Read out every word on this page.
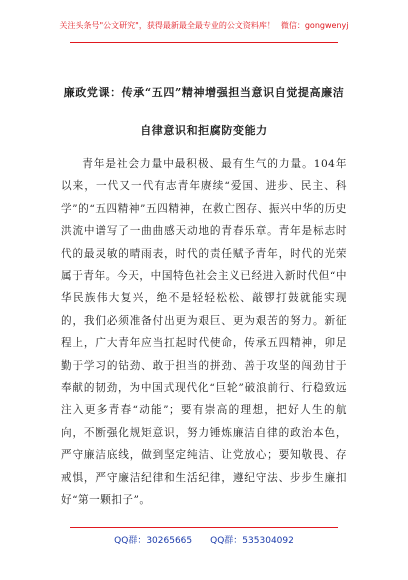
关注头条号"公文研究"，获得最新最全最专业的公文资料库！ 微信：gongwenyj
廉政党课：传承“五四”精神增强担当意识自觉提高廉洁
自律意识和拒腐防变能力

青年是社会力量中最积极、最有生气的力量。104年以来，一代又一代有志青年赓续“爱国、进步、民主、科学”的“五四精神”五四精神，在救亡图存、振兴中华的历史洪流中谱写了一曲曲感天动地的青春乐章。青年是标志时代的最灵敏的晴雨表，时代的责任赋予青年，时代的光荣属于青年。今天，中国特色社会主义已经进入新时代但“中华民族伟大复兴，绝不是轻轻松松、敲锣打鼓就能实现的，我们必须准备付出更为艰巨、更为艰苦的努力。新征程上，广大青年应当扛起时代使命，传承五四精神，卯足勤于学习的钻劲、敢于担当的拼劲、善于攻坚的闯劲甘于奉献的韧劲，为中国式现代化“巨轮”破浪前行、行稳致远注入更多青春“动能”；要有崇高的理想，把好人生的航向，不断强化规矩意识，努力锤炼廉洁自律的政治本色，严守廉洁底线，做到坚定纯洁、让党放心；要知敬畏、存戒惧，严守廉洁纪律和生活纪律，遵纪守法、步步生廉扣好“第一颗扣子”。

QQ群：30265665 QQ群：535304092
